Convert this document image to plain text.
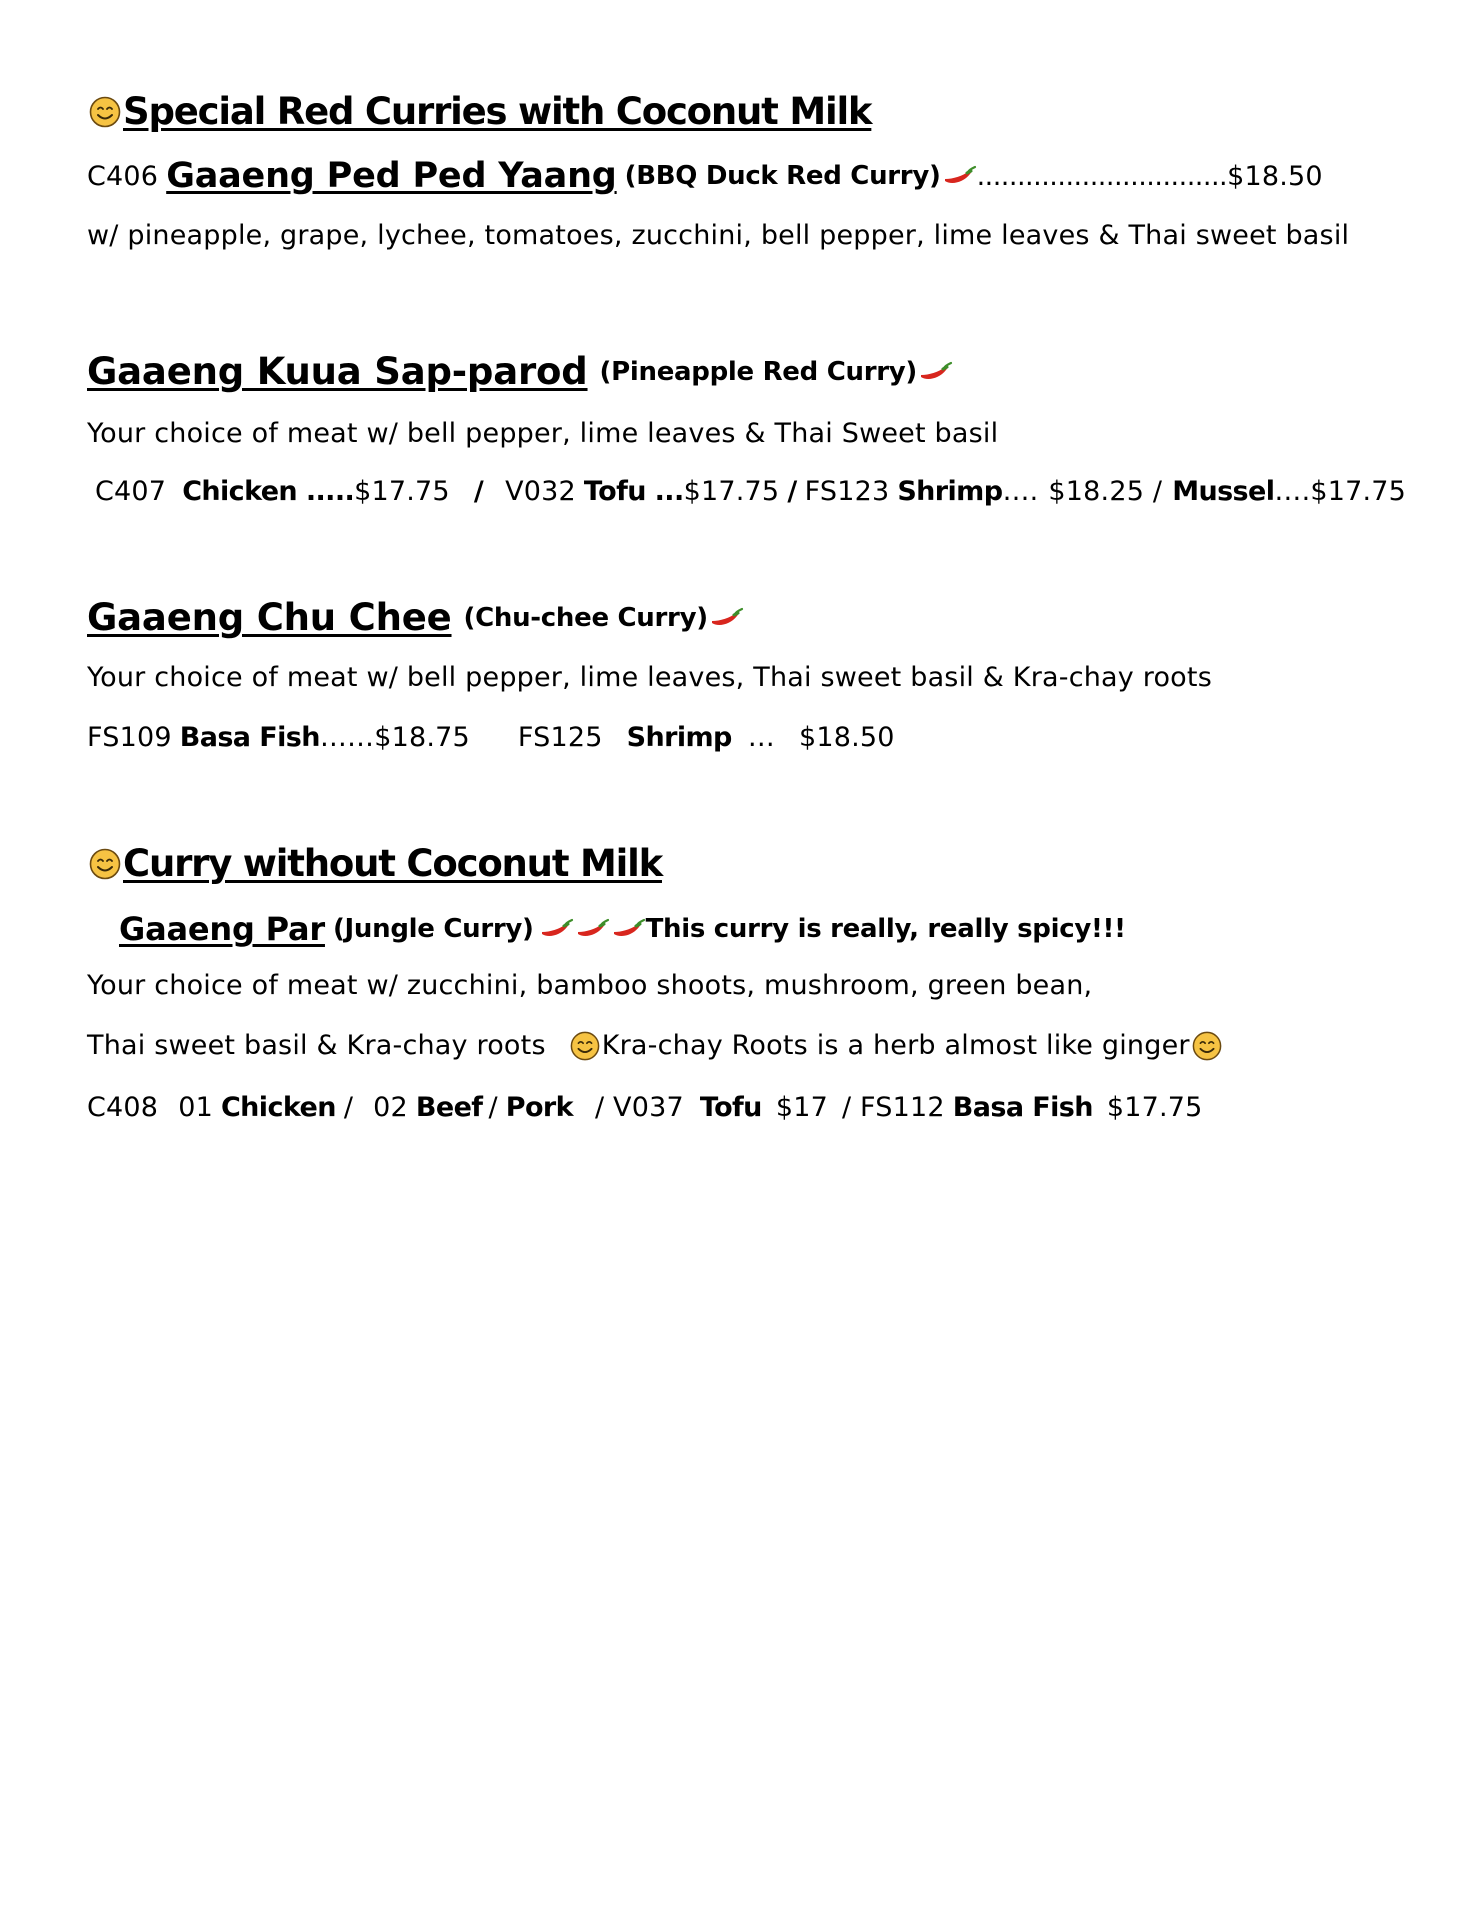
Special Red Curries with Coconut Milk
C406 Gaaeng Ped Ped Yaang (BBQ Duck Red Curry) ............................... $18.50
w/ pineapple, grape, lychee, tomatoes, zucchini, bell pepper, lime leaves & Thai sweet basil
Gaaeng Kuua Sap-parod (Pineapple Red Curry)
Your choice of meat w/ bell pepper, lime leaves & Thai Sweet basil
C407 Chicken ..... $17.75 / V032 Tofu ... $17.75 / FS123 Shrimp …. $18.25 / Mussel …. $17.75
Gaaeng Chu Chee (Chu-chee Curry)
Your choice of meat w/ bell pepper, lime leaves, Thai sweet basil & Kra-chay roots
FS109 Basa Fish …… $18.75 FS125 Shrimp … $18.50
Curry without Coconut Milk
Gaaeng Par (Jungle Curry)	This curry is really, really spicy!!!
Your choice of meat w/ zucchini, bamboo shoots, mushroom, green bean,
Thai sweet basil & Kra-chay roots Kra-chay Roots is a herb almost like ginger
C408 01 Chicken / 02 Beef / Pork / V037 Tofu $17 / FS112 Basa Fish $17.75
